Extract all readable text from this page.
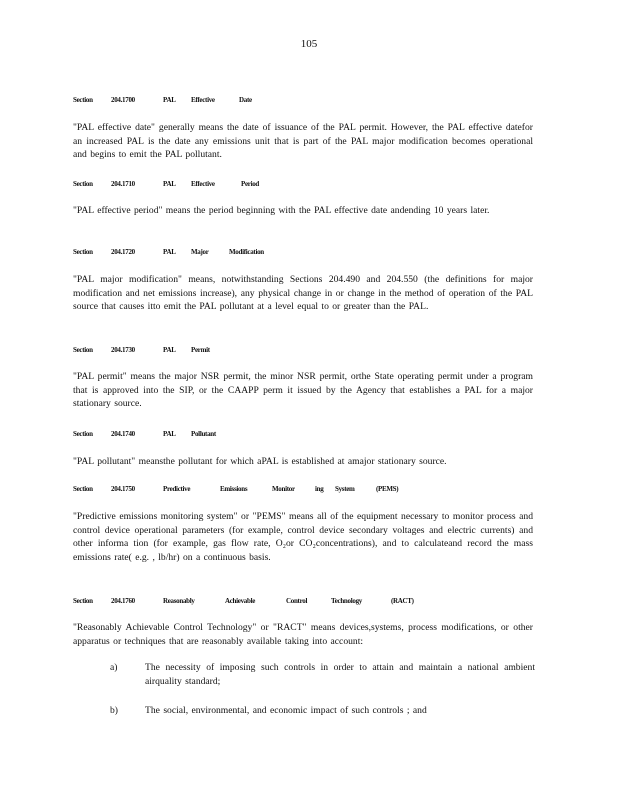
105
Section	204.1700	PAL Effective	Date
"PAL effective date" generally means the date of issuance of the PAL permit. However, the PAL effective datefor an increased PAL is the date any emissions unit that is part of the PAL major modification becomes operational and begins to emit the PAL pollutant.
Section	204.1710	PAL Effective	Period
"PAL effective period" means the period beginning with the PAL effective date andending 10 years later.
Section	204.1720	PAL Major	Modification
"PAL major modification" means, notwithstanding Sections 204.490 and 204.550 (the definitions for major modification and net emissions increase), any physical change in or change in the method of operation of the PAL source that causes itto emit the PAL pollutant at a level equal to or greater than the PAL.
Section	204.1730	PAL Permit
"PAL permit" means the major NSR permit, the minor NSR permit, orthe State operating permit under a program that is approved into the SIP, or the CAAPP perm it issued by the Agency that establishes a PAL for a major stationary source.
Section	204.1740	PAL Pollutant
"PAL pollutant" meansthe pollutant for which aPAL is established at amajor stationary source.
Section	204.1750	Predictive	Emissions	Monitor	ing System	(PEMS)
"Predictive emissions monitoring system" or "PEMS" means all of the equipment necessary to monitor process and control device operational parameters (for example, control device secondary voltages and electric currents) and other informa tion (for example, gas flow rate, O₂or CO₂concentrations), and to calculateand record the mass emissions rate( e.g. , lb/hr) on a continuous basis.
Section	204.1760	Reasonably	Achievable	Control	Technology	(RACT)
"Reasonably Achievable Control Technology" or "RACT" means devices,systems, process modifications, or other apparatus or techniques that are reasonably available taking into account:
a)	The necessity of imposing such controls in order to attain and maintain a national ambient airquality standard;
b)	The social, environmental, and economic impact of such controls ; and
